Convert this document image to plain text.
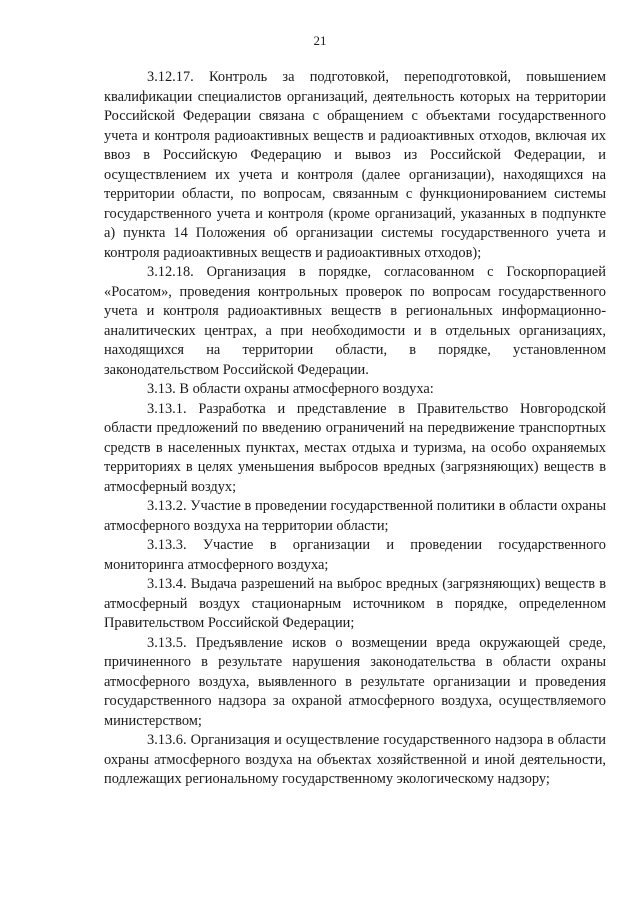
21

3.12.17. Контроль за подготовкой, переподготовкой, повышением квалификации специалистов организаций, деятельность которых на территории Российской Федерации связана с обращением с объектами государственного учета и контроля радиоактивных веществ и радиоактивных отходов, включая их ввоз в Российскую Федерацию и вывоз из Российской Федерации, и осуществлением их учета и контроля (далее организации), находящихся на территории области, по вопросам, связанным с функционированием системы государственного учета и контроля (кроме организаций, указанных в подпункте а) пункта 14 Положения об организации системы государственного учета и контроля радиоактивных веществ и радиоактивных отходов);

3.12.18. Организация в порядке, согласованном с Госкорпорацией «Росатом», проведения контрольных проверок по вопросам государственного учета и контроля радиоактивных веществ в региональных информационно-аналитических центрах, а при необходимости и в отдельных организациях, находящихся на территории области, в порядке, установленном законодательством Российской Федерации.

3.13. В области охраны атмосферного воздуха:

3.13.1. Разработка и представление в Правительство Новгородской области предложений по введению ограничений на передвижение транспортных средств в населенных пунктах, местах отдыха и туризма, на особо охраняемых территориях в целях уменьшения выбросов вредных (загрязняющих) веществ в атмосферный воздух;

3.13.2. Участие в проведении государственной политики в области охраны атмосферного воздуха на территории области;

3.13.3. Участие в организации и проведении государственного мониторинга атмосферного воздуха;

3.13.4. Выдача разрешений на выброс вредных (загрязняющих) веществ в атмосферный воздух стационарным источником в порядке, определенном Правительством Российской Федерации;

3.13.5. Предъявление исков о возмещении вреда окружающей среде, причиненного в результате нарушения законодательства в области охраны атмосферного воздуха, выявленного в результате организации и проведения государственного надзора за охраной атмосферного воздуха, осуществляемого министерством;

3.13.6. Организация и осуществление государственного надзора в области охраны атмосферного воздуха на объектах хозяйственной и иной деятельности, подлежащих региональному государственному экологическому надзору;
